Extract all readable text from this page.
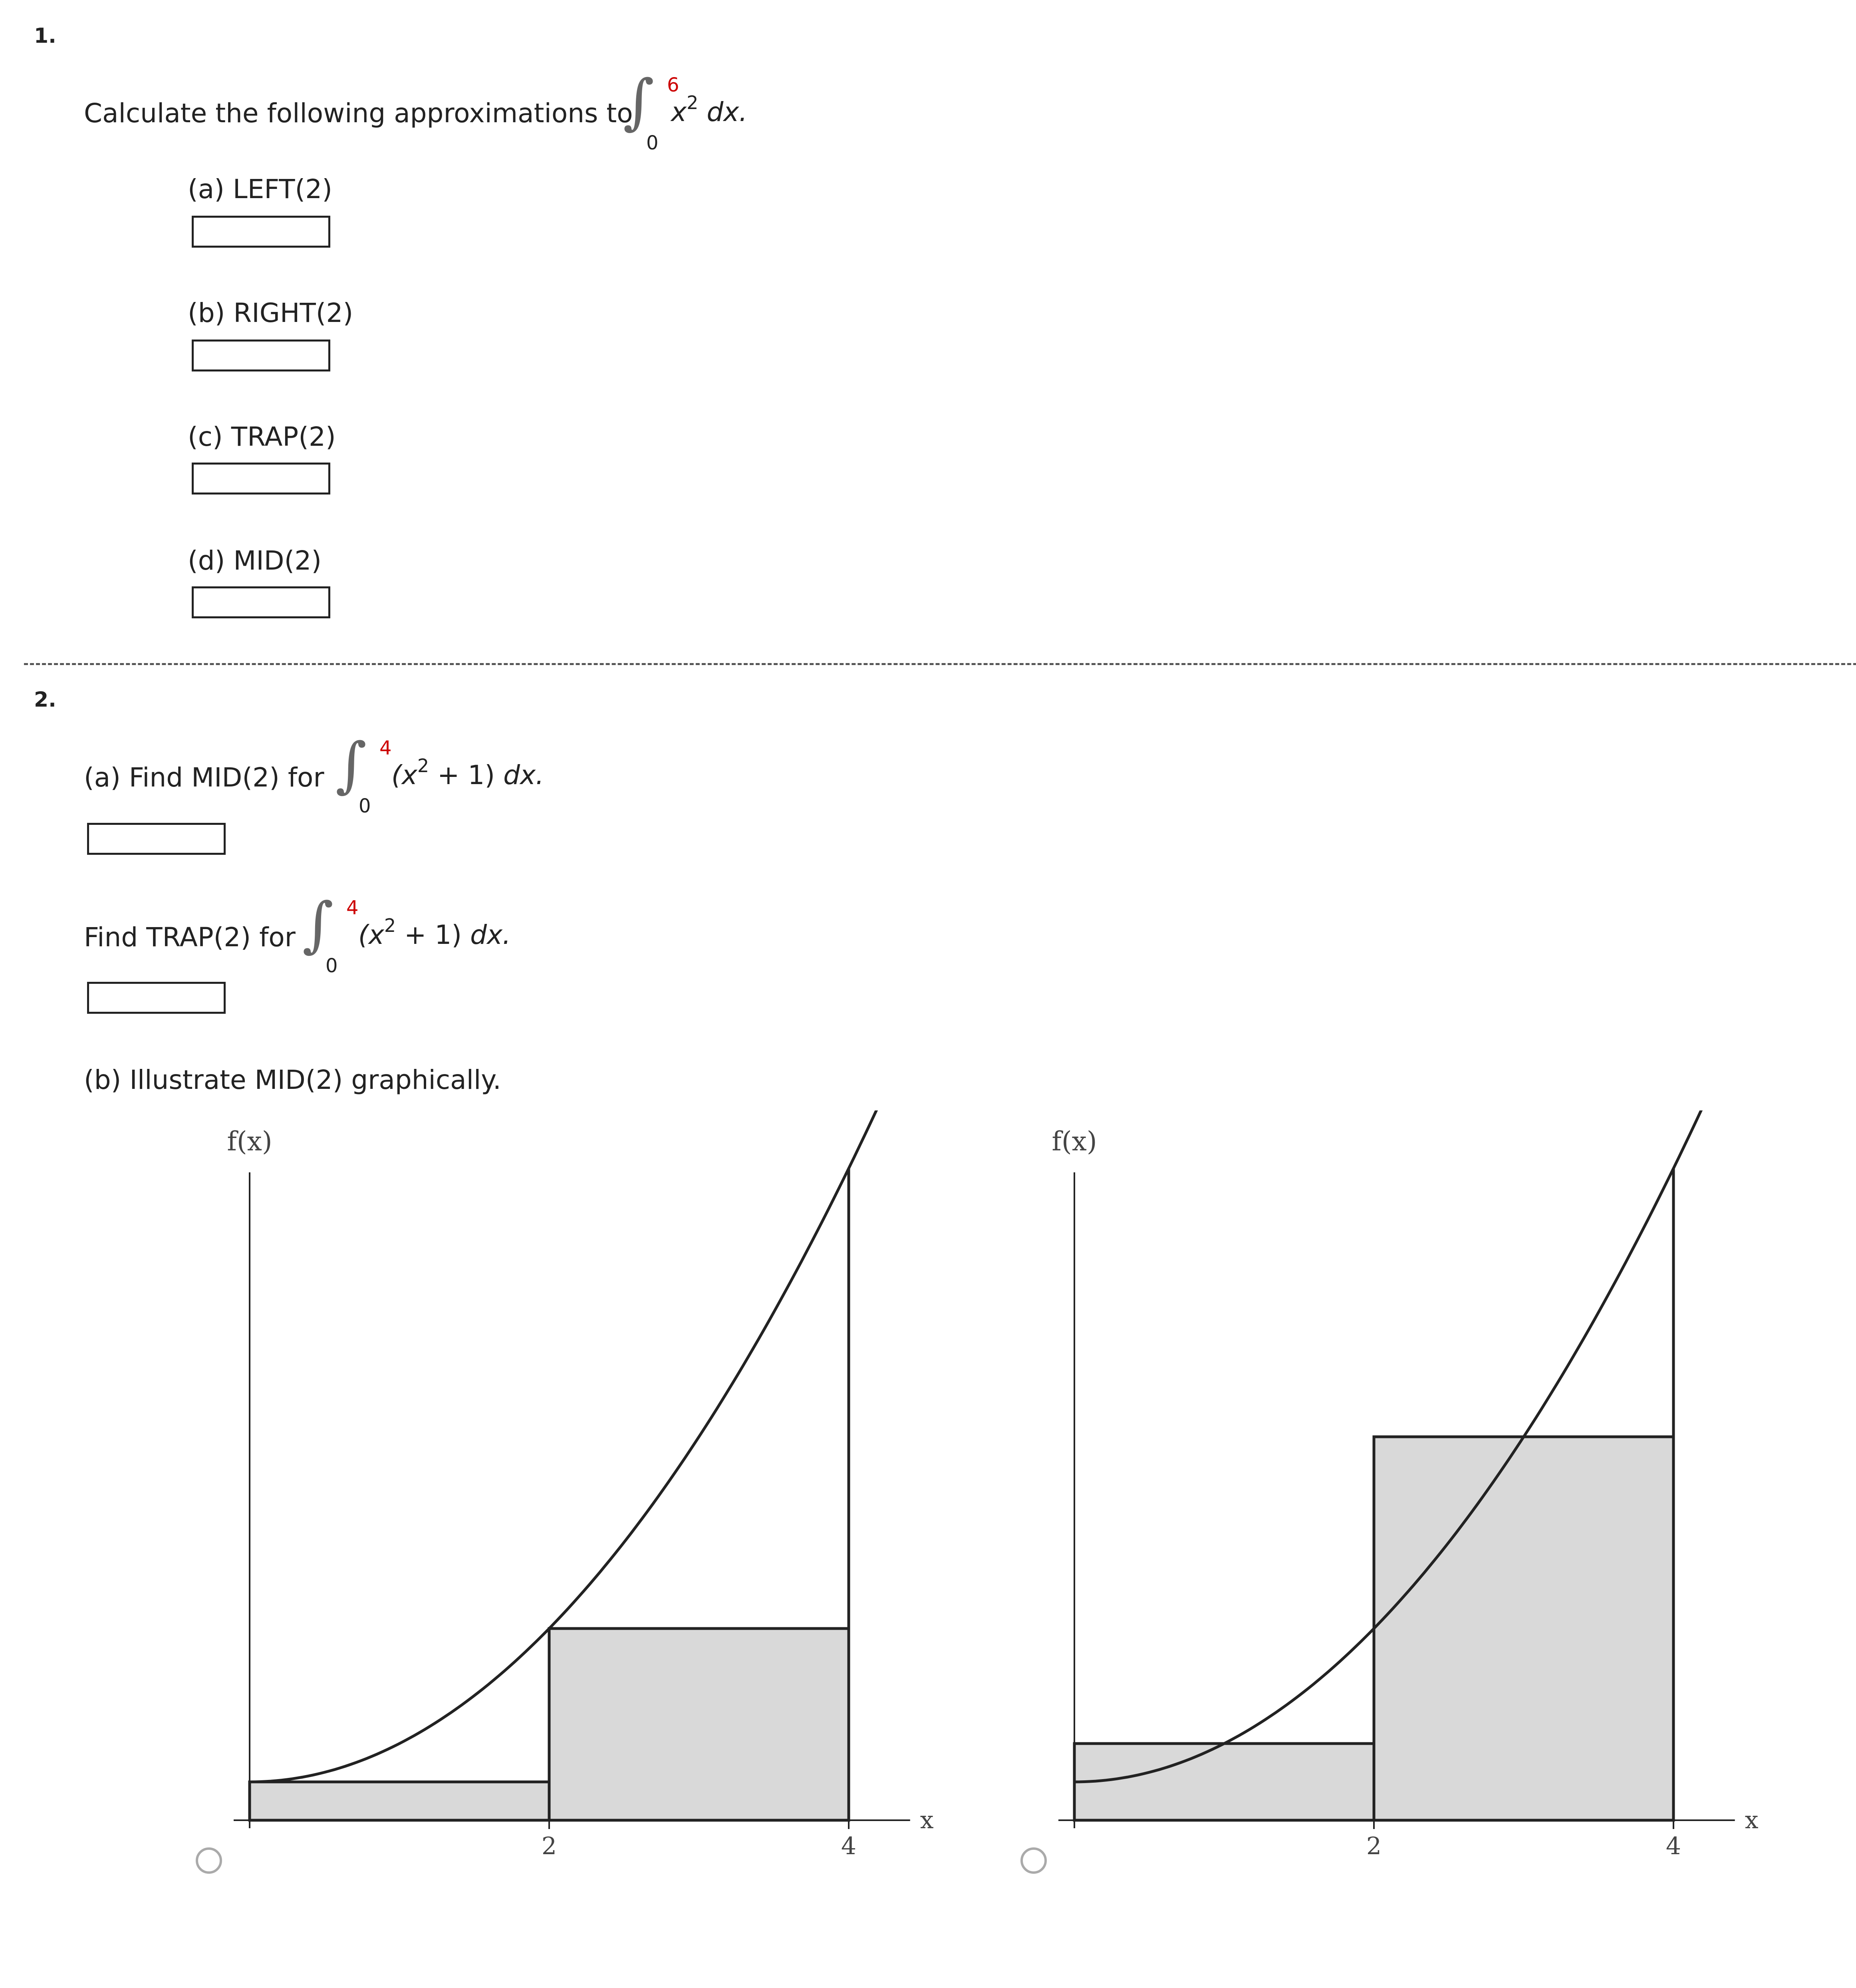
1.
Calculate the following approximations to
∫ 6
0
$x^2$ dx.
(a) LEFT(2)
(b) RIGHT(2)
(c) TRAP(2)
(d) MID(2)
2.
(a) Find MID(2) for ∫ 4
0
$(x^2 + 1)$ dx.
Find TRAP(2) for ∫ 4
0
$(x^2 + 1)$ dx.
(b) Illustrate MID(2) graphically.
2	4
x
f(x)
2	4
x
f(x)
